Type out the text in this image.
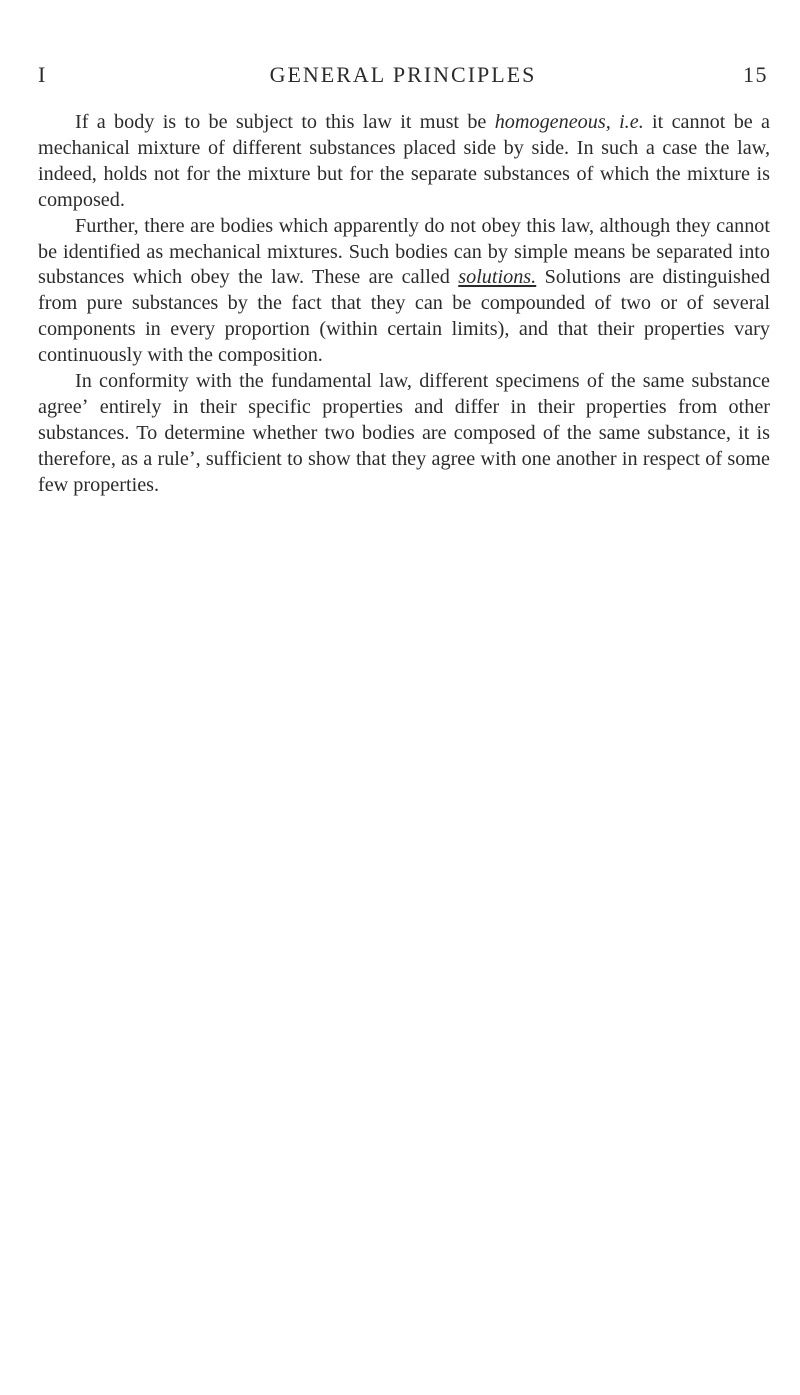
I	GENERAL PRINCIPLES	15

If a body is to be subject to this law it must be homogeneous, i.e. it cannot be a mechanical mixture of different substances placed side by side. In such a case the law, indeed, holds not for the mixture but for the separate substances of which the mixture is composed.

Further, there are bodies which apparently do not obey this law, although they cannot be identified as mechanical mixtures. Such bodies can by simple means be separated into substances which obey the law. These are called solutions. Solutions are distinguished from pure substances by the fact that they can be compounded of two or of several components in every proportion (within certain limits), and that their properties vary continuously with the composition.

In conformity with the fundamental law, different specimens of the same substance agreeʼ entirely in their specific properties and differ in their properties from other substances. To determine whether two bodies are composed of the same substance, it is therefore, as a ruleʼ, sufficient to show that they agree with one another in respect of some few properties.
